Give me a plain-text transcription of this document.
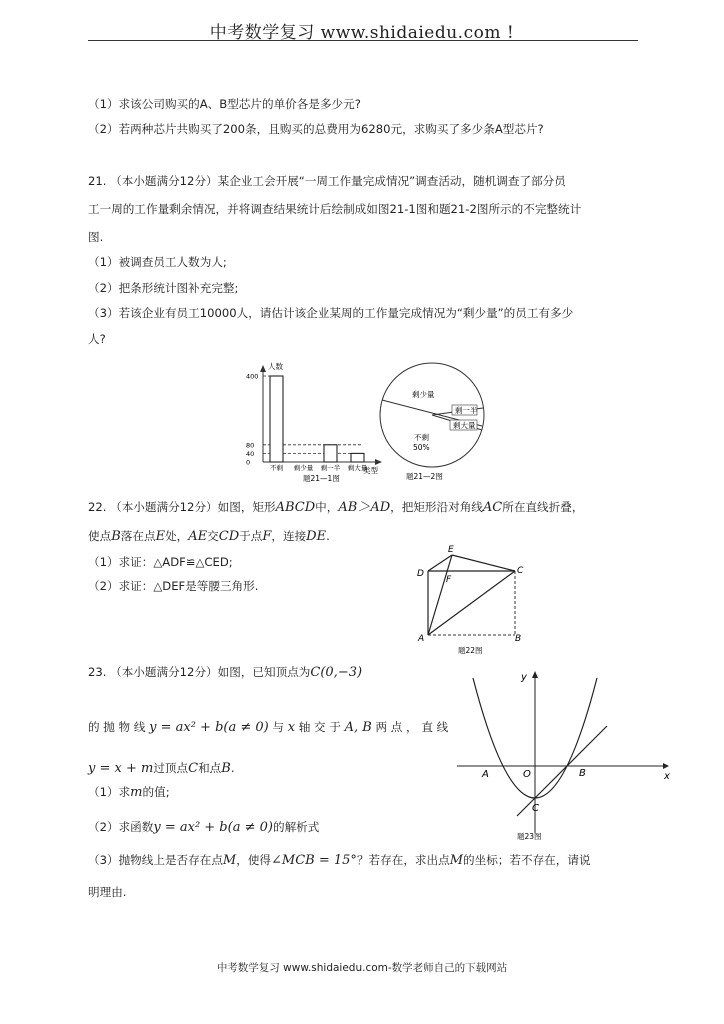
中考数学复习 www.shidaiedu.com !
（1）求该公司购买的A、B型芯片的单价各是多少元?
（2）若两种芯片共购买了200条，且购买的总费用为6280元，求购买了多少条A型芯片?
21. （本小题满分12分）某企业工会开展“一周工作量完成情况”调查活动，随机调查了部分员
工一周的工作量剩余情况，并将调查结果统计后绘制成如图21-1图和题21-2图所示的不完整统计
图.
（1）被调查员工人数为人;
（2）把条形统计图补充完整;
（3）若该企业有员工10000人，请估计该企业某周的工作量完成情况为“剩少量”的员工有多少
人?
人数
类型
0
40
80
400
不剩 剩少量 剩一半 剩大量
题21—1图
剩少量
剩一半
剩大量
不剩
50%
题21—2图
22. （本小题满分12分）如图，矩形ABCD中，AB＞AD，把矩形沿对角线AC所在直线折叠，
使点B落在点E处，AE交CD于点F，连接DE.
（1）求证：△ADF≌△CED;
（2）求证：△DEF是等腰三角形.
E
D
F
C
A	B
题22图
23. （本小题满分12分）如图，已知顶点为C(0,−3)
的 抛 物 线 y = ax² + b(a ≠ 0) 与 x 轴 交 于 A, B 两 点 ， 直 线
y = x + m过顶点C和点B.
（1）求m的值;
（2）求函数y = ax² + b(a ≠ 0)的解析式
（3）抛物线上是否存在点M，使得∠MCB = 15°？若存在，求出点M的坐标；若不存在，请说
明理由.
y
x
A	O	B
C
题23图
中考数学复习 www.shidaiedu.com-数学老师自己的下载网站
